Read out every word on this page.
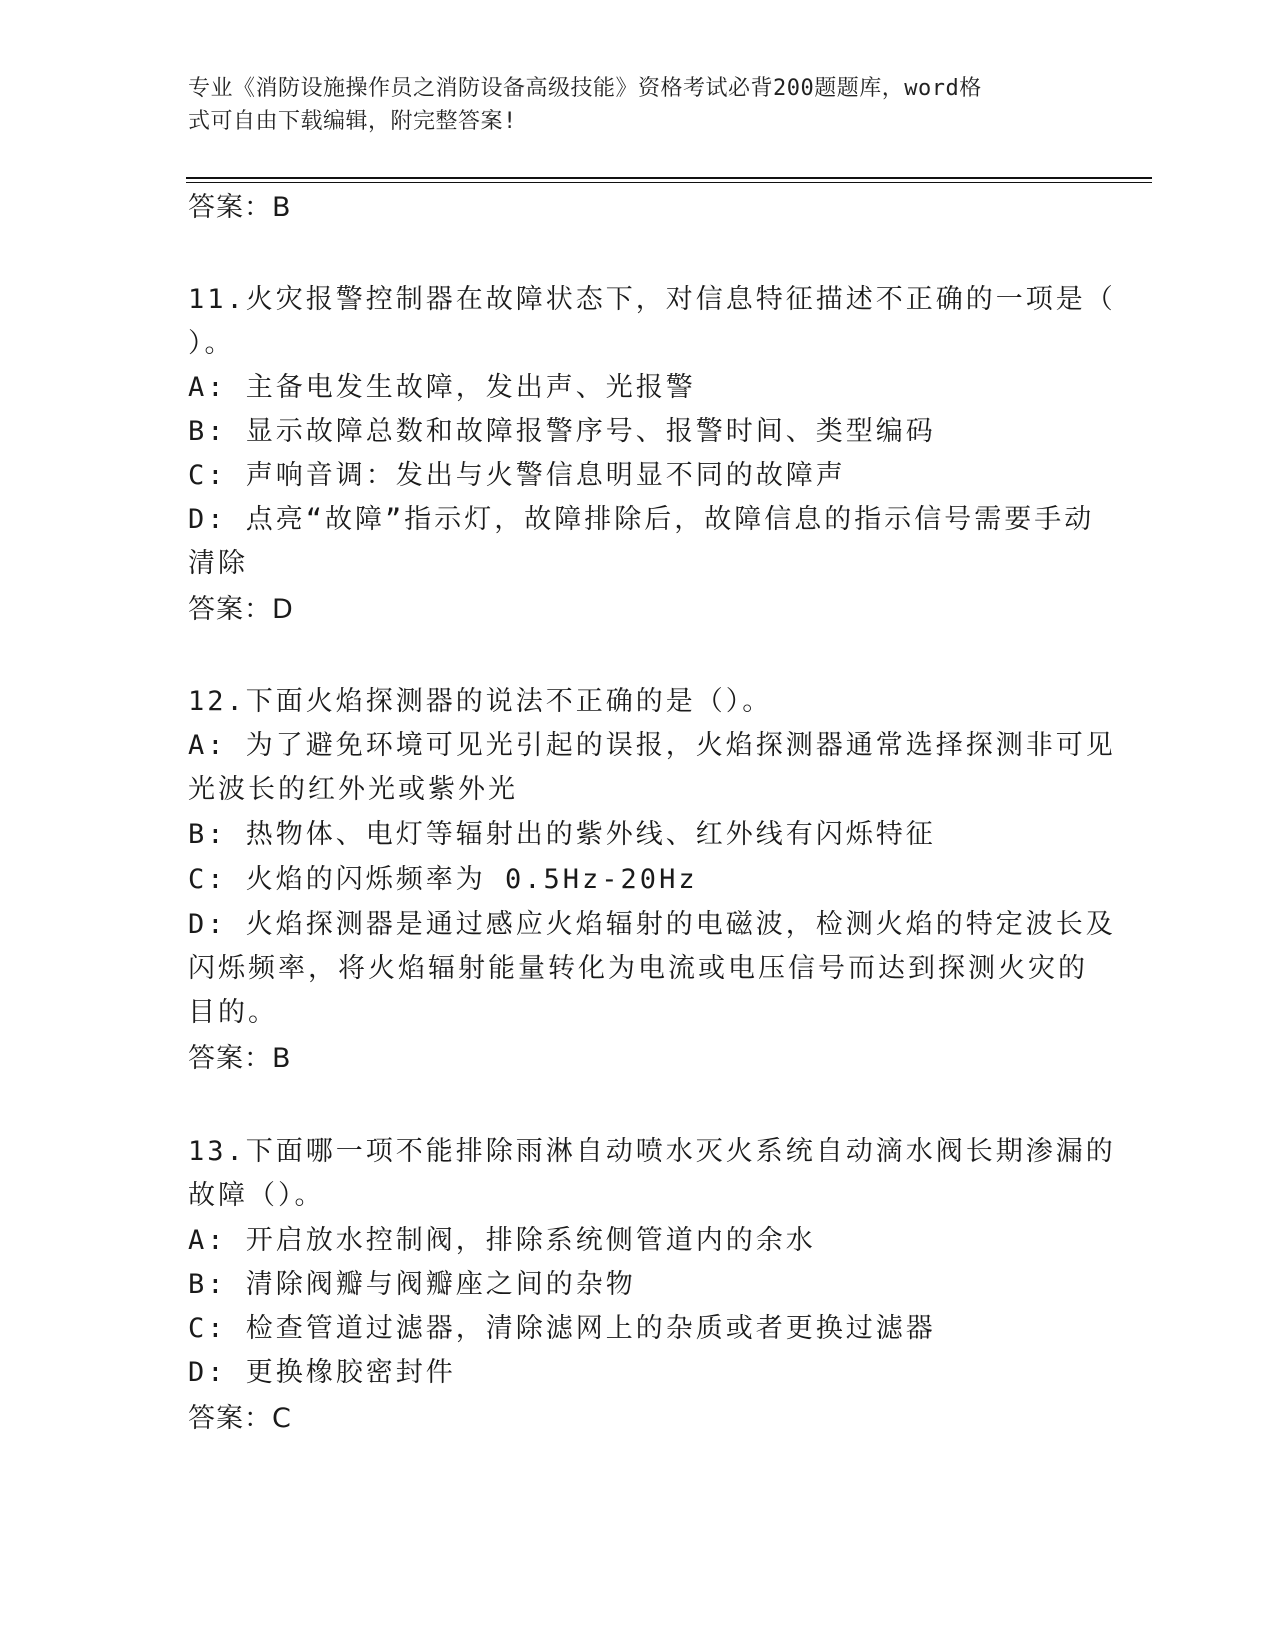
专业《消防设施操作员之消防设备高级技能》资格考试必背200题题库，word格
式可自由下载编辑，附完整答案!
答案：B
11.火灾报警控制器在故障状态下，对信息特征描述不正确的一项是（
）。
A: 主备电发生故障，发出声、光报警
B: 显示故障总数和故障报警序号、报警时间、类型编码
C: 声响音调：发出与火警信息明显不同的故障声
D: 点亮“故障”指示灯，故障排除后，故障信息的指示信号需要手动
清除
答案：D
12.下面火焰探测器的说法不正确的是（）。
A: 为了避免环境可见光引起的误报，火焰探测器通常选择探测非可见
光波长的红外光或紫外光
B: 热物体、电灯等辐射出的紫外线、红外线有闪烁特征
C: 火焰的闪烁频率为 0.5Hz-20Hz
D: 火焰探测器是通过感应火焰辐射的电磁波，检测火焰的特定波长及
闪烁频率，将火焰辐射能量转化为电流或电压信号而达到探测火灾的
目的。
答案：B
13.下面哪一项不能排除雨淋自动喷水灭火系统自动滴水阀长期渗漏的
故障（）。
A: 开启放水控制阀，排除系统侧管道内的余水
B: 清除阀瓣与阀瓣座之间的杂物
C: 检查管道过滤器，清除滤网上的杂质或者更换过滤器
D: 更换橡胶密封件
答案：C
